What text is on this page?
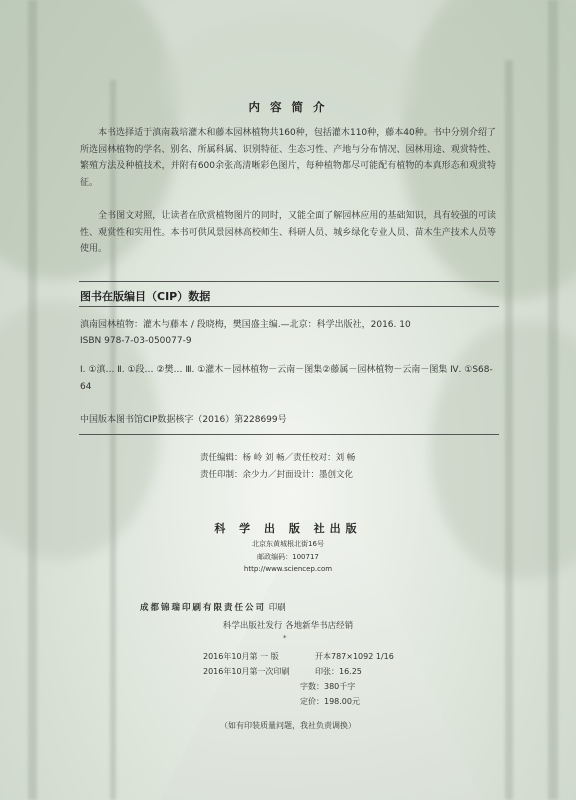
内 容 简 介
本书选择适于滇南栽培灌木和藤本园林植物共160种，包括灌木110种，藤本40种。书中分别介绍了所选园林植物的学名、别名、所属科属、识别特征、生态习性、产地与分布情况、园林用途、观赏特性、繁殖方法及种植技术，并附有600余张高清晰彩色图片，每种植物都尽可能配有植物的本真形态和观赏特征。
全书图文对照，让读者在欣赏植物图片的同时，又能全面了解园林应用的基础知识，具有较强的可读性、观赏性和实用性。本书可供风景园林高校师生、科研人员、城乡绿化专业人员、苗木生产技术人员等使用。
图书在版编目（CIP）数据
滇南园林植物：灌木与藤本 / 段晓梅，樊国盛主编.—北京：科学出版社，2016. 10
ISBN 978-7-03-050077-9
Ⅰ. ①滇… Ⅱ. ①段… ②樊… Ⅲ. ①灌木－园林植物－云南－图集②藤属－园林植物－云南－图集 Ⅳ. ①S68-64
中国版本图书馆CIP数据核字（2016）第228699号
责任编辑：杨 岭 刘 畅／责任校对：刘 畅
责任印制：余少力／封面设计：墨创文化
科 学 出 版 社出版
北京东黄城根北街16号
邮政编码：100717
http://www.sciencep.com
成都锦瑞印刷有限责任公司 印刷
科学出版社发行 各地新华书店经销
*
2016年10月第 一 版	开本787×1092 1/16
2016年10月第一次印刷	印张：16.25
字数：380千字
定价：198.00元
（如有印装质量问题，我社负责调换）
